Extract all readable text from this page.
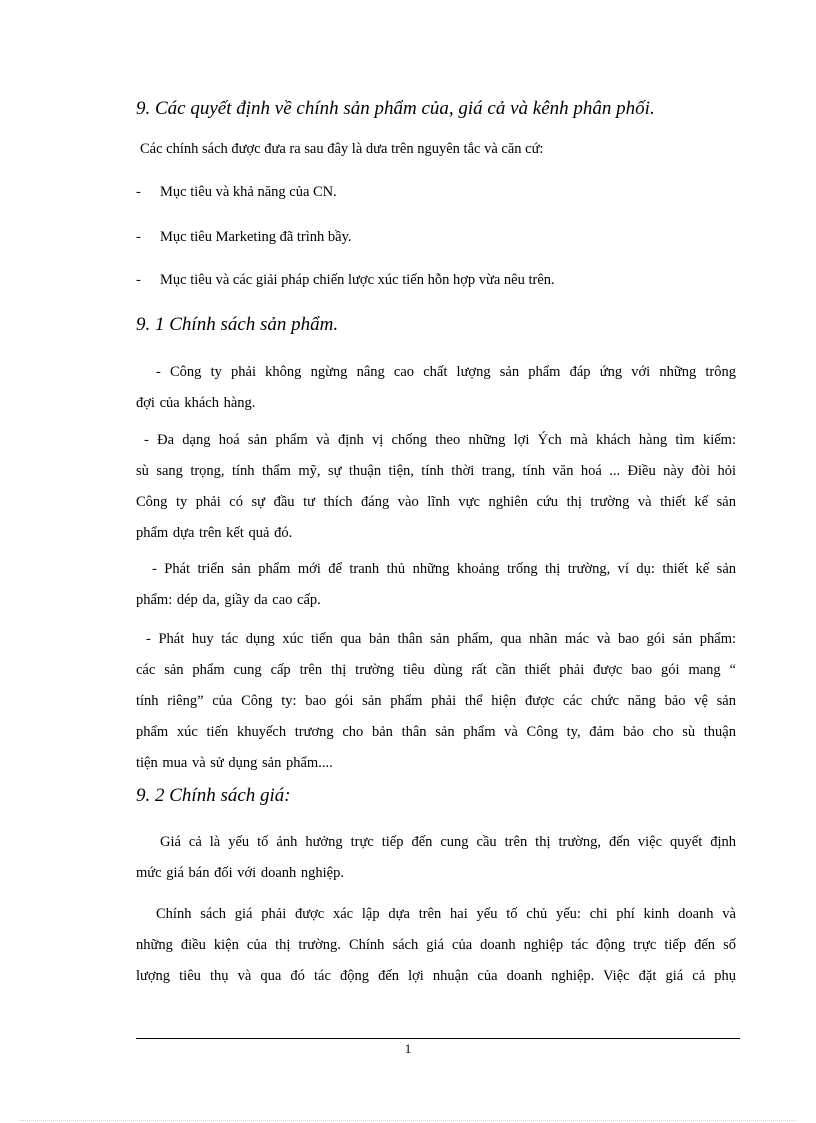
9. Các quyết định về chính sản phẩm của, giá cả và kênh phân phối.

Các chính sách được đưa ra sau đây là dưa trên nguyên tắc và căn cứ:

- Mục tiêu và khả năng của CN.

- Mục tiêu Marketing đã trình bầy.

- Mục tiêu và các giải pháp chiến lược xúc tiến hỗn hợp vừa nêu trên.

9. 1 Chính sách sản phẩm.
- Công ty phải không ngừng nâng cao chất lượng sản phẩm đáp ứng với những trông
đợi của khách hàng.
- Đa dạng hoá sản phẩm và định vị chống theo những lợi Ých mà khách hàng tìm kiếm:
sù sang trọng, tính thẩm mỹ, sự thuận tiện, tính thời trang, tính văn hoá ... Điều này đòi hỏi
Công ty phải có sự đầu tư thích đáng vào lĩnh vực nghiên cứu thị trường và thiết kế sản
phẩm dựa trên kết quả đó.
- Phát triển sản phẩm mới để tranh thủ những khoảng trống thị trường, ví dụ: thiết kế sản
phẩm: dép da, giầy da cao cấp.
- Phát huy tác dụng xúc tiến qua bản thân sản phẩm, qua nhãn mác và bao gói sản phẩm:
các sản phẩm cung cấp trên thị trường tiêu dùng rất cần thiết phải được bao gói mang “
tính riêng” của Công ty: bao gói sản phẩm phải thể hiện được các chức năng bảo vệ sản
phẩm xúc tiến khuyếch trương cho bản thân sản phẩm và Công ty, đảm bảo cho sù thuận
tiện mua và sử dụng sản phẩm....
9. 2 Chính sách giá:
Giá cả là yếu tố ảnh hưởng trực tiếp đến cung cầu trên thị trường, đến việc quyết định
mức giá bán đối với doanh nghiệp.
Chính sách giá phải được xác lập dựa trên hai yếu tố chủ yếu: chi phí kinh doanh và
những điều kiện của thị trường. Chính sách giá của doanh nghiệp tác động trực tiếp đến số
lượng tiêu thụ và qua đó tác động đến lợi nhuận của doanh nghiệp. Việc đặt giá cả phụ
1
